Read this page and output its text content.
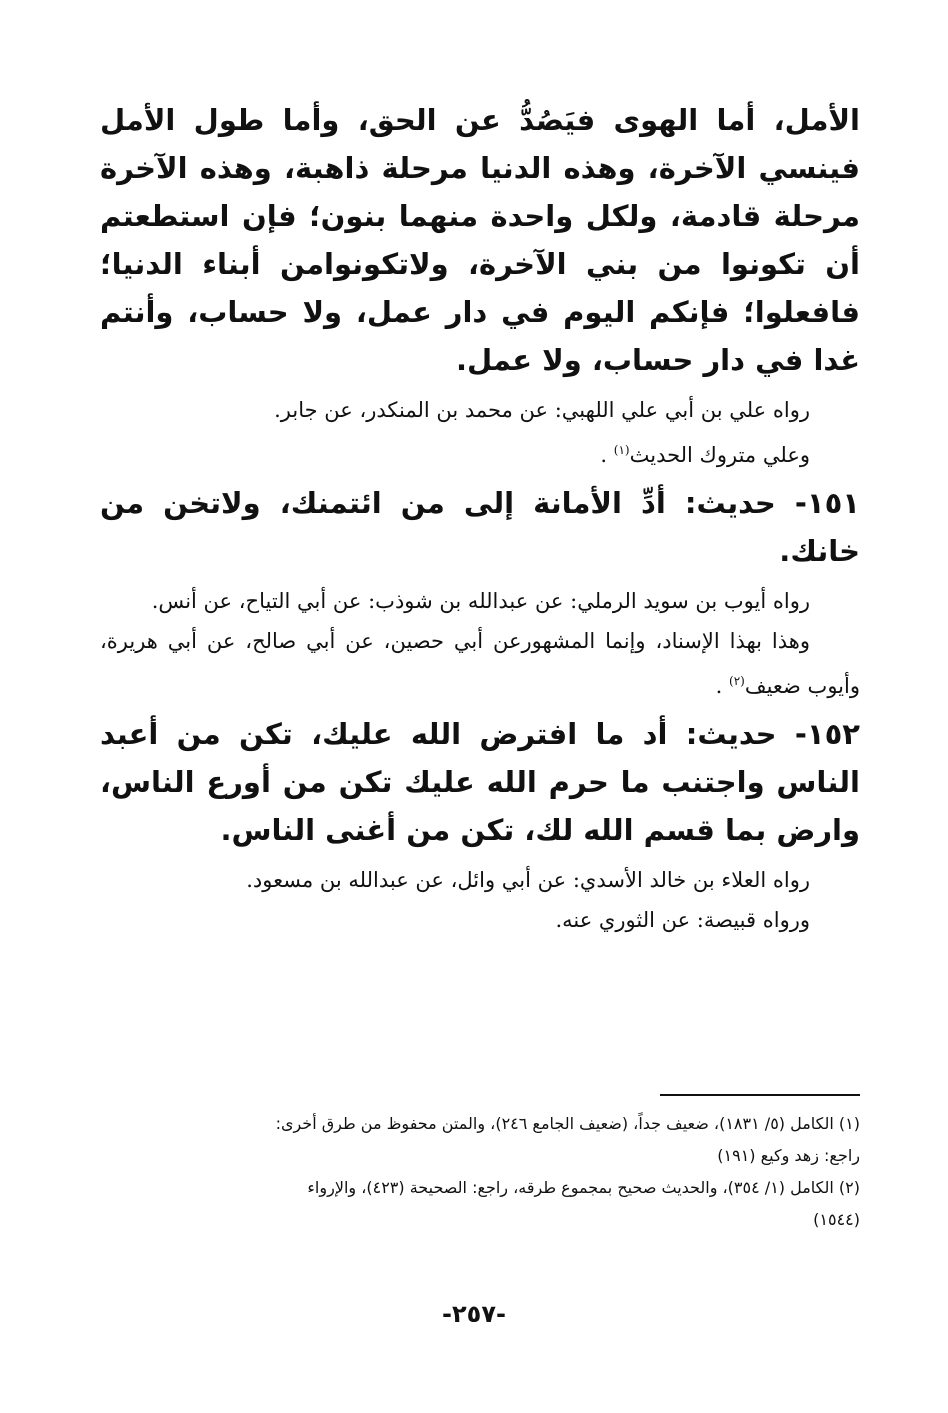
الأمل، أما الهوى فيَصُدُّ عن الحق، وأما طول الأمل فينسي الآخرة، وهذه الدنيا مرحلة ذاهبة، وهذه الآخرة مرحلة قادمة، ولكل واحدة منهما بنون؛ فإن استطعتم أن تكونوا من بني الآخرة، ولاتكونوامن أبناء الدنيا؛ فافعلوا؛ فإنكم اليوم في دار عمل، ولا حساب، وأنتم غدا في دار حساب، ولا عمل.

رواه علي بن أبي علي اللهبي: عن محمد بن المنكدر، عن جابر.

وعلي متروك الحديث$^{(١)}$ .

١٥١- حديث: أدِّ الأمانة إلى من ائتمنك، ولاتخن من خانك.

رواه أيوب بن سويد الرملي: عن عبدالله بن شوذب: عن أبي التياح، عن أنس.

وهذا بهذا الإسناد، وإنما المشهورعن أبي حصين، عن أبي صالح، عن أبي هريرة، وأيوب ضعيف$^{(٢)}$ .

١٥٢- حديث: أد ما افترض الله عليك، تكن من أعبد الناس واجتنب ما حرم الله عليك تكن من أورع الناس، وارض بما قسم الله لك، تكن من أغنى الناس.

رواه العلاء بن خالد الأسدي: عن أبي وائل، عن عبدالله بن مسعود.

ورواه قبيصة: عن الثوري عنه.

(١) الكامل (٥/ ١٨٣١)، ضعيف جداً، (ضعيف الجامع ٢٤٦)، والمتن محفوظ من طرق أخرى:

راجع: زهد وكيع (١٩١)

(٢) الكامل (١/ ٣٥٤)، والحديث صحيح بمجموع طرقه، راجع: الصحيحة (٤٢٣)، والإرواء

(١٥٤٤)

-٢٥٧-
